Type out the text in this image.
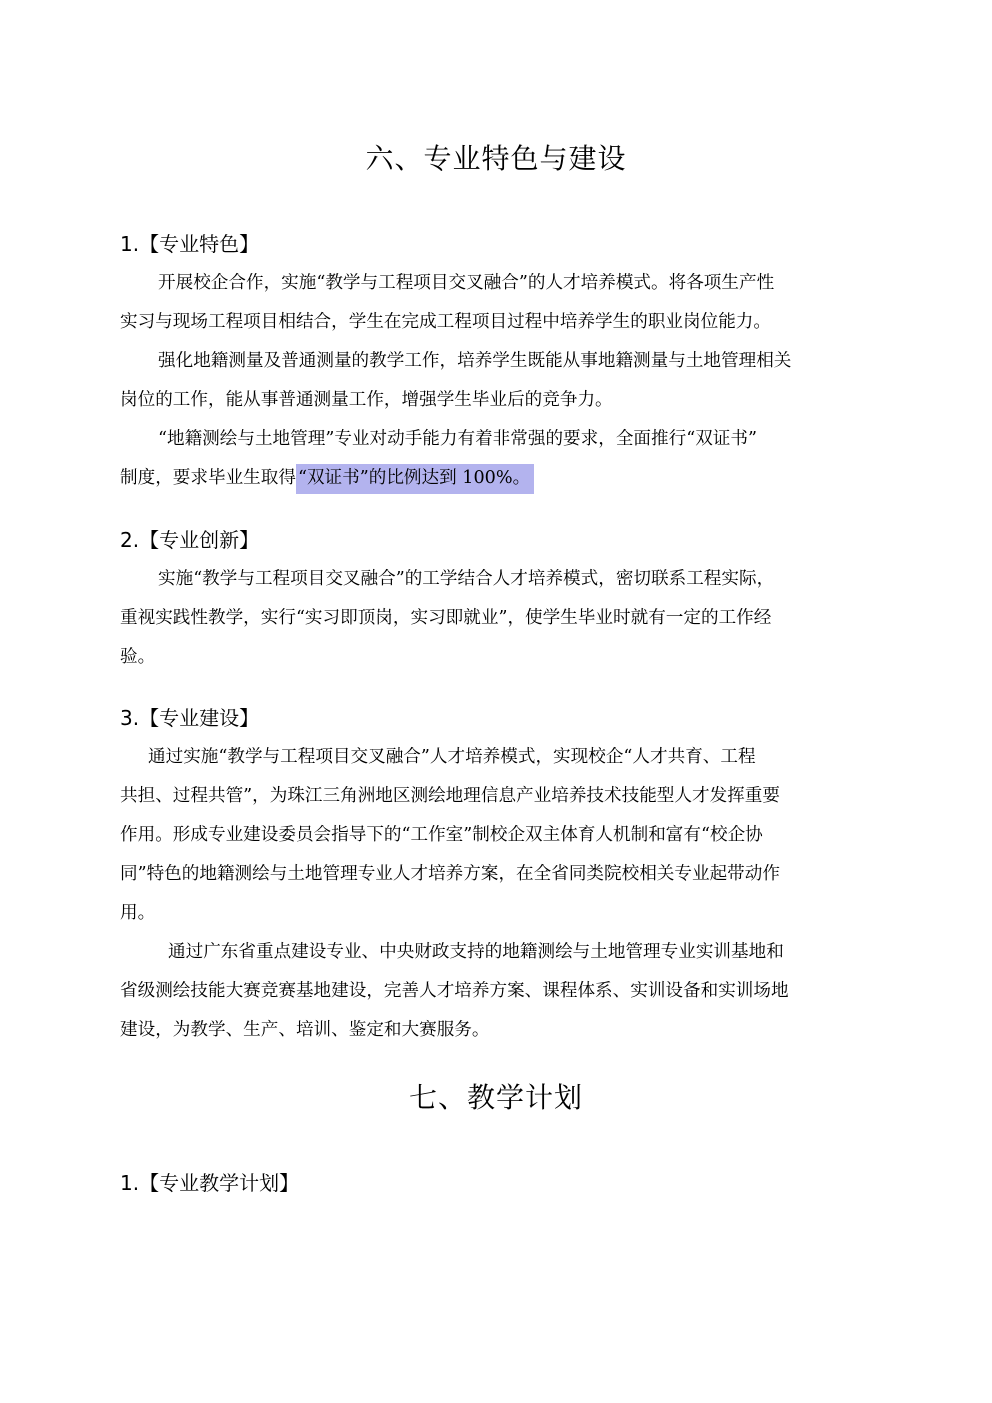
六、专业特色与建设
1.【专业特色】
开展校企合作，实施“教学与工程项目交叉融合”的人才培养模式。将各项生产性
实习与现场工程项目相结合，学生在完成工程项目过程中培养学生的职业岗位能力。
强化地籍测量及普通测量的教学工作，培养学生既能从事地籍测量与土地管理相关
岗位的工作，能从事普通测量工作，增强学生毕业后的竞争力。
“地籍测绘与土地管理”专业对动手能力有着非常强的要求，全面推行“双证书”
制度，要求毕业生取得 “双证书”的比例达到 100%。
2.【专业创新】
实施“教学与工程项目交叉融合”的工学结合人才培养模式，密切联系工程实际，
重视实践性教学，实行“实习即顶岗，实习即就业”，使学生毕业时就有一定的工作经
验。
3.【专业建设】
通过实施“教学与工程项目交叉融合”人才培养模式，实现校企“人才共育、工程
共担、过程共管”，为珠江三角洲地区测绘地理信息产业培养技术技能型人才发挥重要
作用。形成专业建设委员会指导下的“工作室”制校企双主体育人机制和富有“校企协
同”特色的地籍测绘与土地管理专业人才培养方案，在全省同类院校相关专业起带动作
用。
通过广东省重点建设专业、中央财政支持的地籍测绘与土地管理专业实训基地和
省级测绘技能大赛竞赛基地建设，完善人才培养方案、课程体系、实训设备和实训场地
建设，为教学、生产、培训、鉴定和大赛服务。
七、教学计划
1.【专业教学计划】
